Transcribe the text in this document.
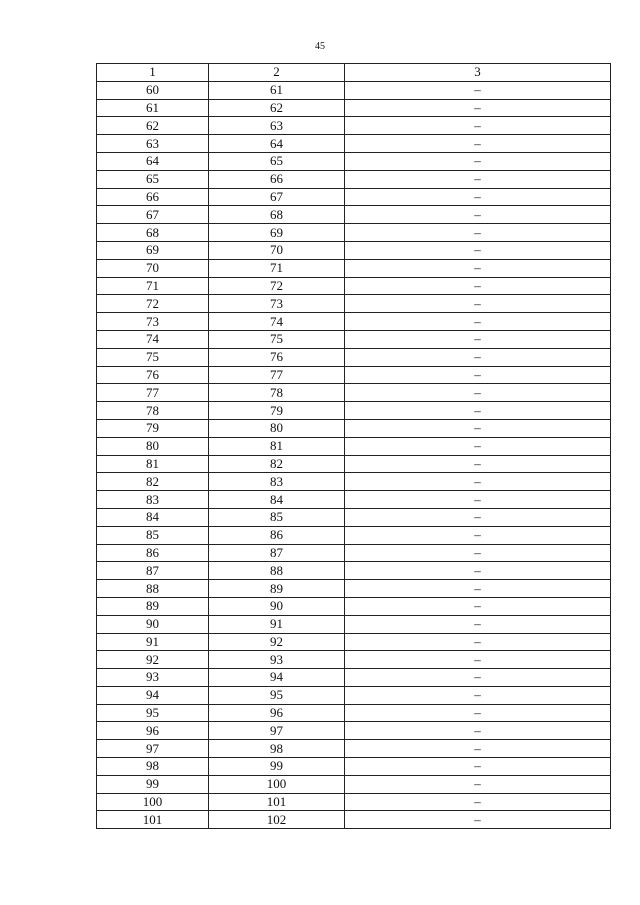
45
1	2	3
60	61	–
61	62	–
62	63	–
63	64	–
64	65	–
65	66	–
66	67	–
67	68	–
68	69	–
69	70	–
70	71	–
71	72	–
72	73	–
73	74	–
74	75	–
75	76	–
76	77	–
77	78	–
78	79	–
79	80	–
80	81	–
81	82	–
82	83	–
83	84	–
84	85	–
85	86	–
86	87	–
87	88	–
88	89	–
89	90	–
90	91	–
91	92	–
92	93	–
93	94	–
94	95	–
95	96	–
96	97	–
97	98	–
98	99	–
99	100	–
100	101	–
101	102	–
